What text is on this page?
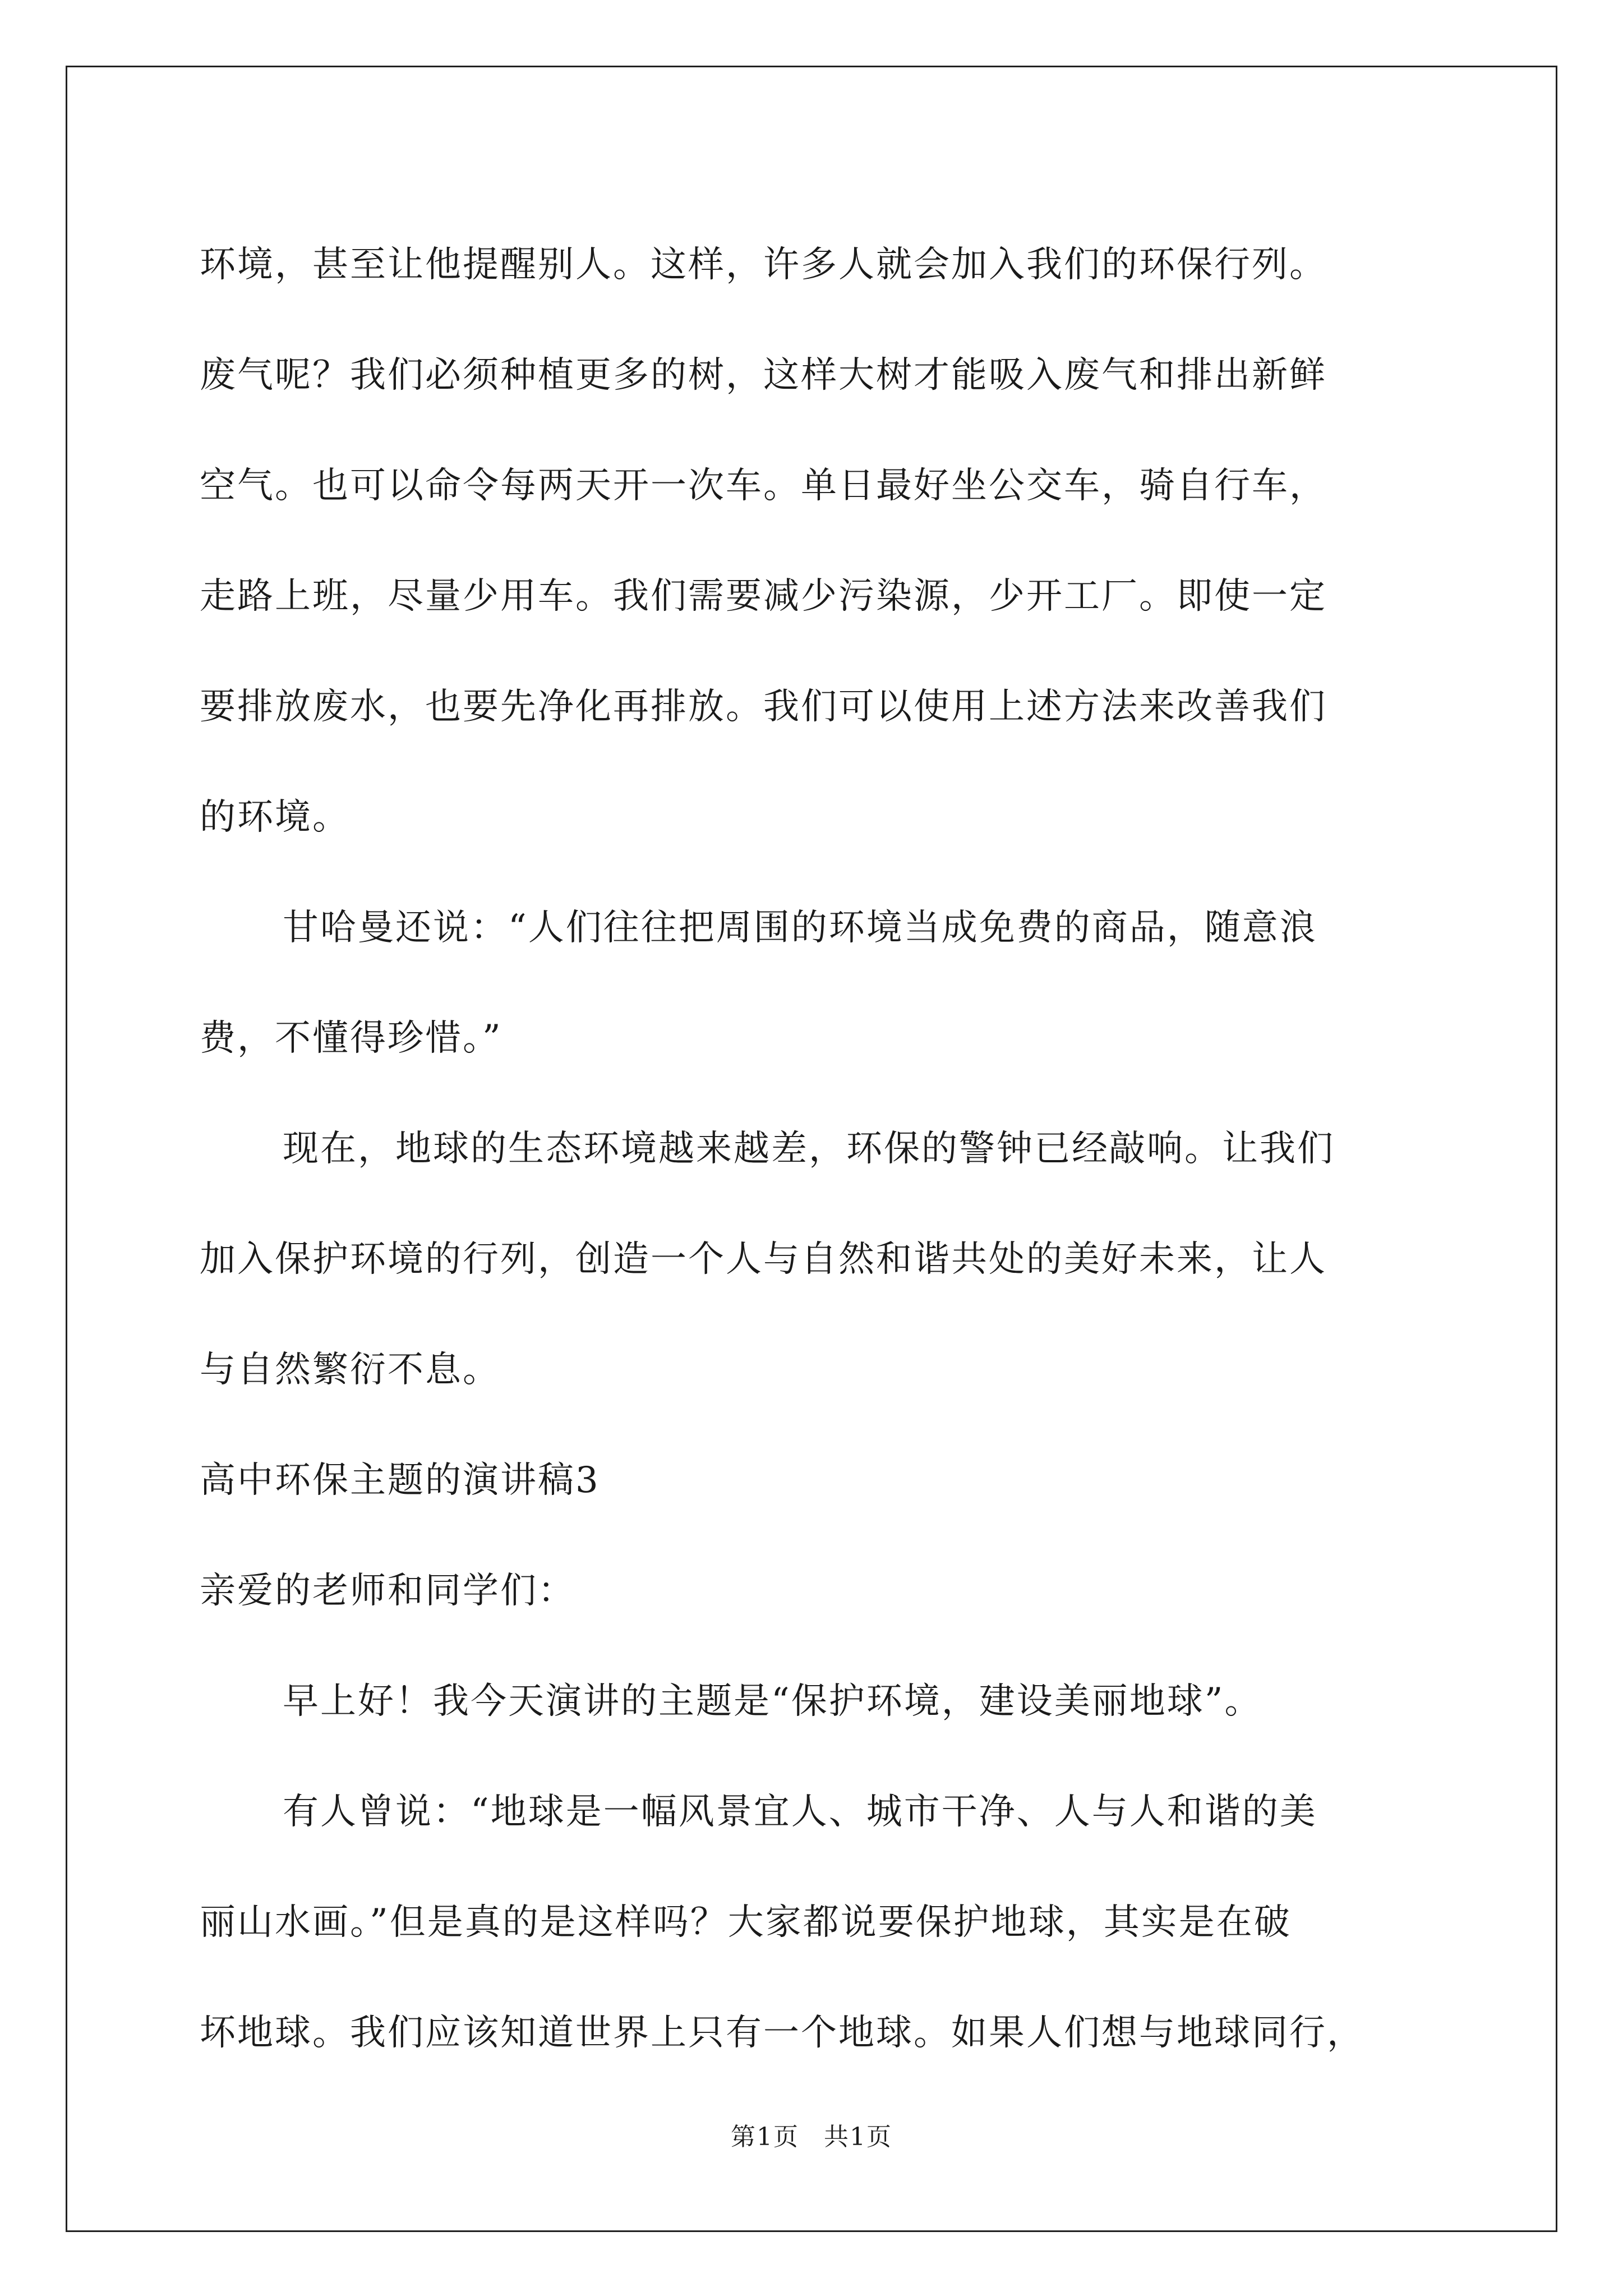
环境，甚至让他提醒别人。这样，许多人就会加入我们的环保行列。
废气呢？我们必须种植更多的树，这样大树才能吸入废气和排出新鲜
空气。也可以命令每两天开一次车。单日最好坐公交车，骑自行车，
走路上班，尽量少用车。我们需要减少污染源，少开工厂。即使一定
要排放废水，也要先净化再排放。我们可以使用上述方法来改善我们
的环境。
甘哈曼还说：“人们往往把周围的环境当成免费的商品，随意浪
费，不懂得珍惜。”
现在，地球的生态环境越来越差，环保的警钟已经敲响。让我们
加入保护环境的行列，创造一个人与自然和谐共处的美好未来，让人
与自然繁衍不息。
高中环保主题的演讲稿3
亲爱的老师和同学们：
早上好！我今天演讲的主题是“保护环境，建设美丽地球”。
有人曾说：“地球是一幅风景宜人、城市干净、人与人和谐的美
丽山水画。”但是真的是这样吗？大家都说要保护地球，其实是在破
坏地球。我们应该知道世界上只有一个地球。如果人们想与地球同行，
第1页 共1页
